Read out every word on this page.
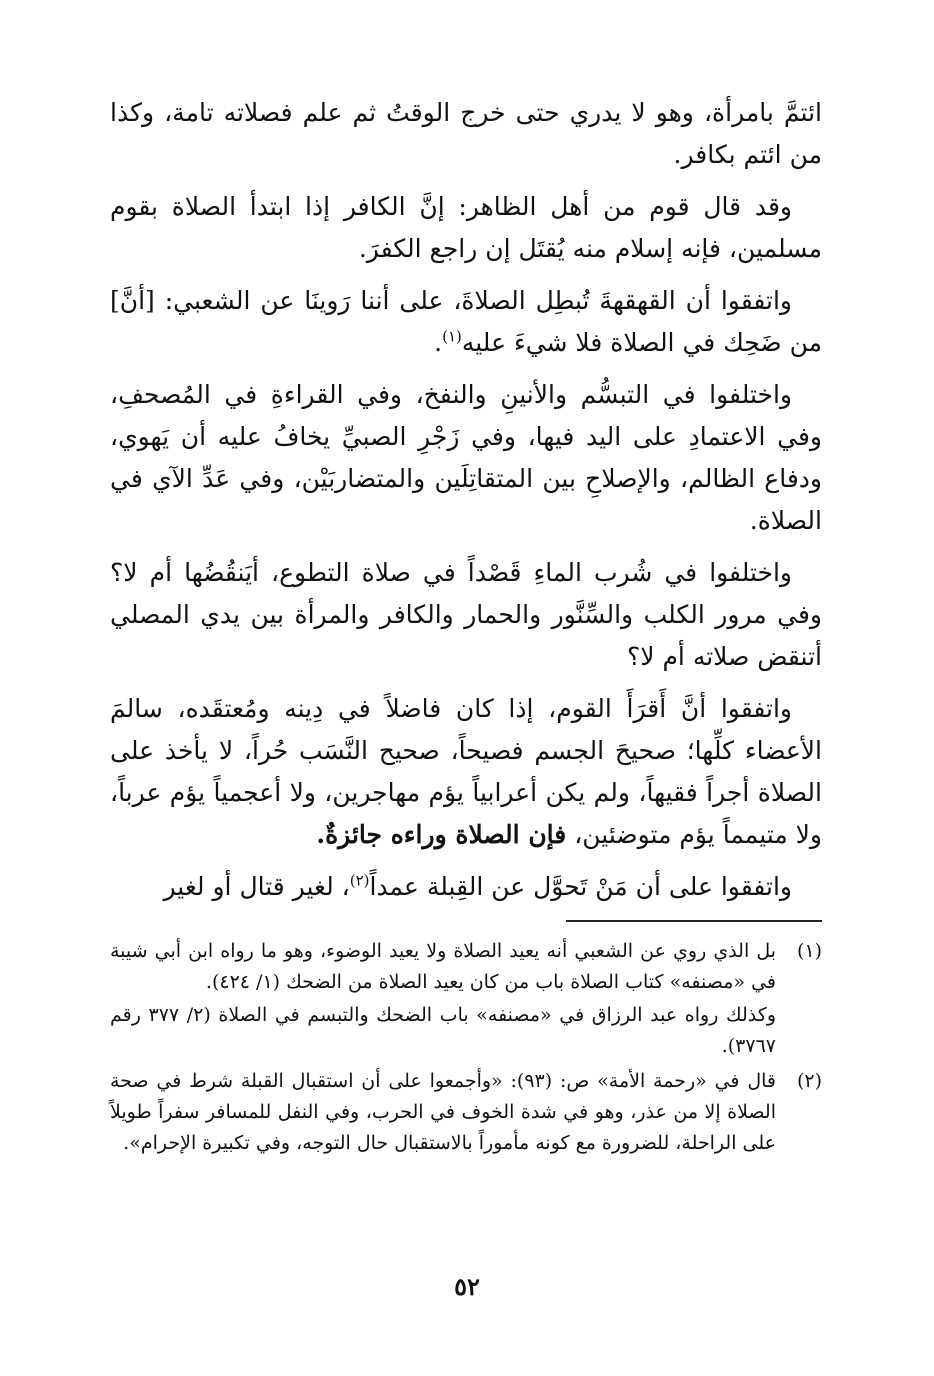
ائتمَّ بامرأة، وهو لا يدري حتى خرج الوقتُ ثم علم فصلاته تامة، وكذا من ائتم بكافر.

وقد قال قوم من أهل الظاهر: إنَّ الكافر إذا ابتدأ الصلاة بقوم مسلمين، فإنه إسلام منه يُقتَل إن راجع الكفرَ.

واتفقوا أن القهقهةَ تُبطِل الصلاةَ، على أننا رَوينَا عن الشعبي: [أنَّ] من ضَحِك في الصلاة فلا شيءَ عليه$^{(١)}$.

واختلفوا في التبسُّم والأنينِ والنفخ، وفي القراءةِ في المُصحفِ، وفي الاعتمادِ على اليد فيها، وفي زَجْرِ الصبيِّ يخافُ عليه أن يَهوي، ودفاع الظالم، والإصلاحِ بين المتقاتِلَين والمتضاربَيْن، وفي عَدِّ الآي في الصلاة.

واختلفوا في شُرب الماءِ قَصْداً في صلاة التطوع، أيَنقُضُها أم لا؟ وفي مرور الكلب والسِّنَّور والحمار والكافر والمرأة بين يدي المصلي أتنقض صلاته أم لا؟

واتفقوا أنَّ أَقرَأَ القوم، إذا كان فاضلاً في دِينه ومُعتقَده، سالمَ الأعضاء كلِّها؛ صحيحَ الجسم فصيحاً، صحيح النَّسَب حُراً، لا يأخذ على الصلاة أجراً فقيهاً، ولم يكن أعرابياً يؤم مهاجرين، ولا أعجمياً يؤم عرباً، ولا متيمماً يؤم متوضئين، فإن الصلاة وراءه جائزةٌ.

واتفقوا على أن مَنْ تَحوَّل عن القِبلة عمداً$^{(٢)}$، لغير قتال أو لغير

(١)

بل الذي روي عن الشعبي أنه يعيد الصلاة ولا يعيد الوضوء، وهو ما رواه ابن أبي شيبة في «مصنفه» كتاب الصلاة باب من كان يعيد الصلاة من الضحك (١/ ٤٢٤).

وكذلك رواه عبد الرزاق في «مصنفه» باب الضحك والتبسم في الصلاة (٢/ ٣٧٧ رقم ٣٧٦٧).

(٢)

قال في «رحمة الأمة» ص: (٩٣): «وأجمعوا على أن استقبال القبلة شرط في صحة الصلاة إلا من عذر، وهو في شدة الخوف في الحرب، وفي النفل للمسافر سفراً طويلاً على الراحلة، للضرورة مع كونه مأموراً بالاستقبال حال التوجه، وفي تكبيرة الإحرام».

٥٢
